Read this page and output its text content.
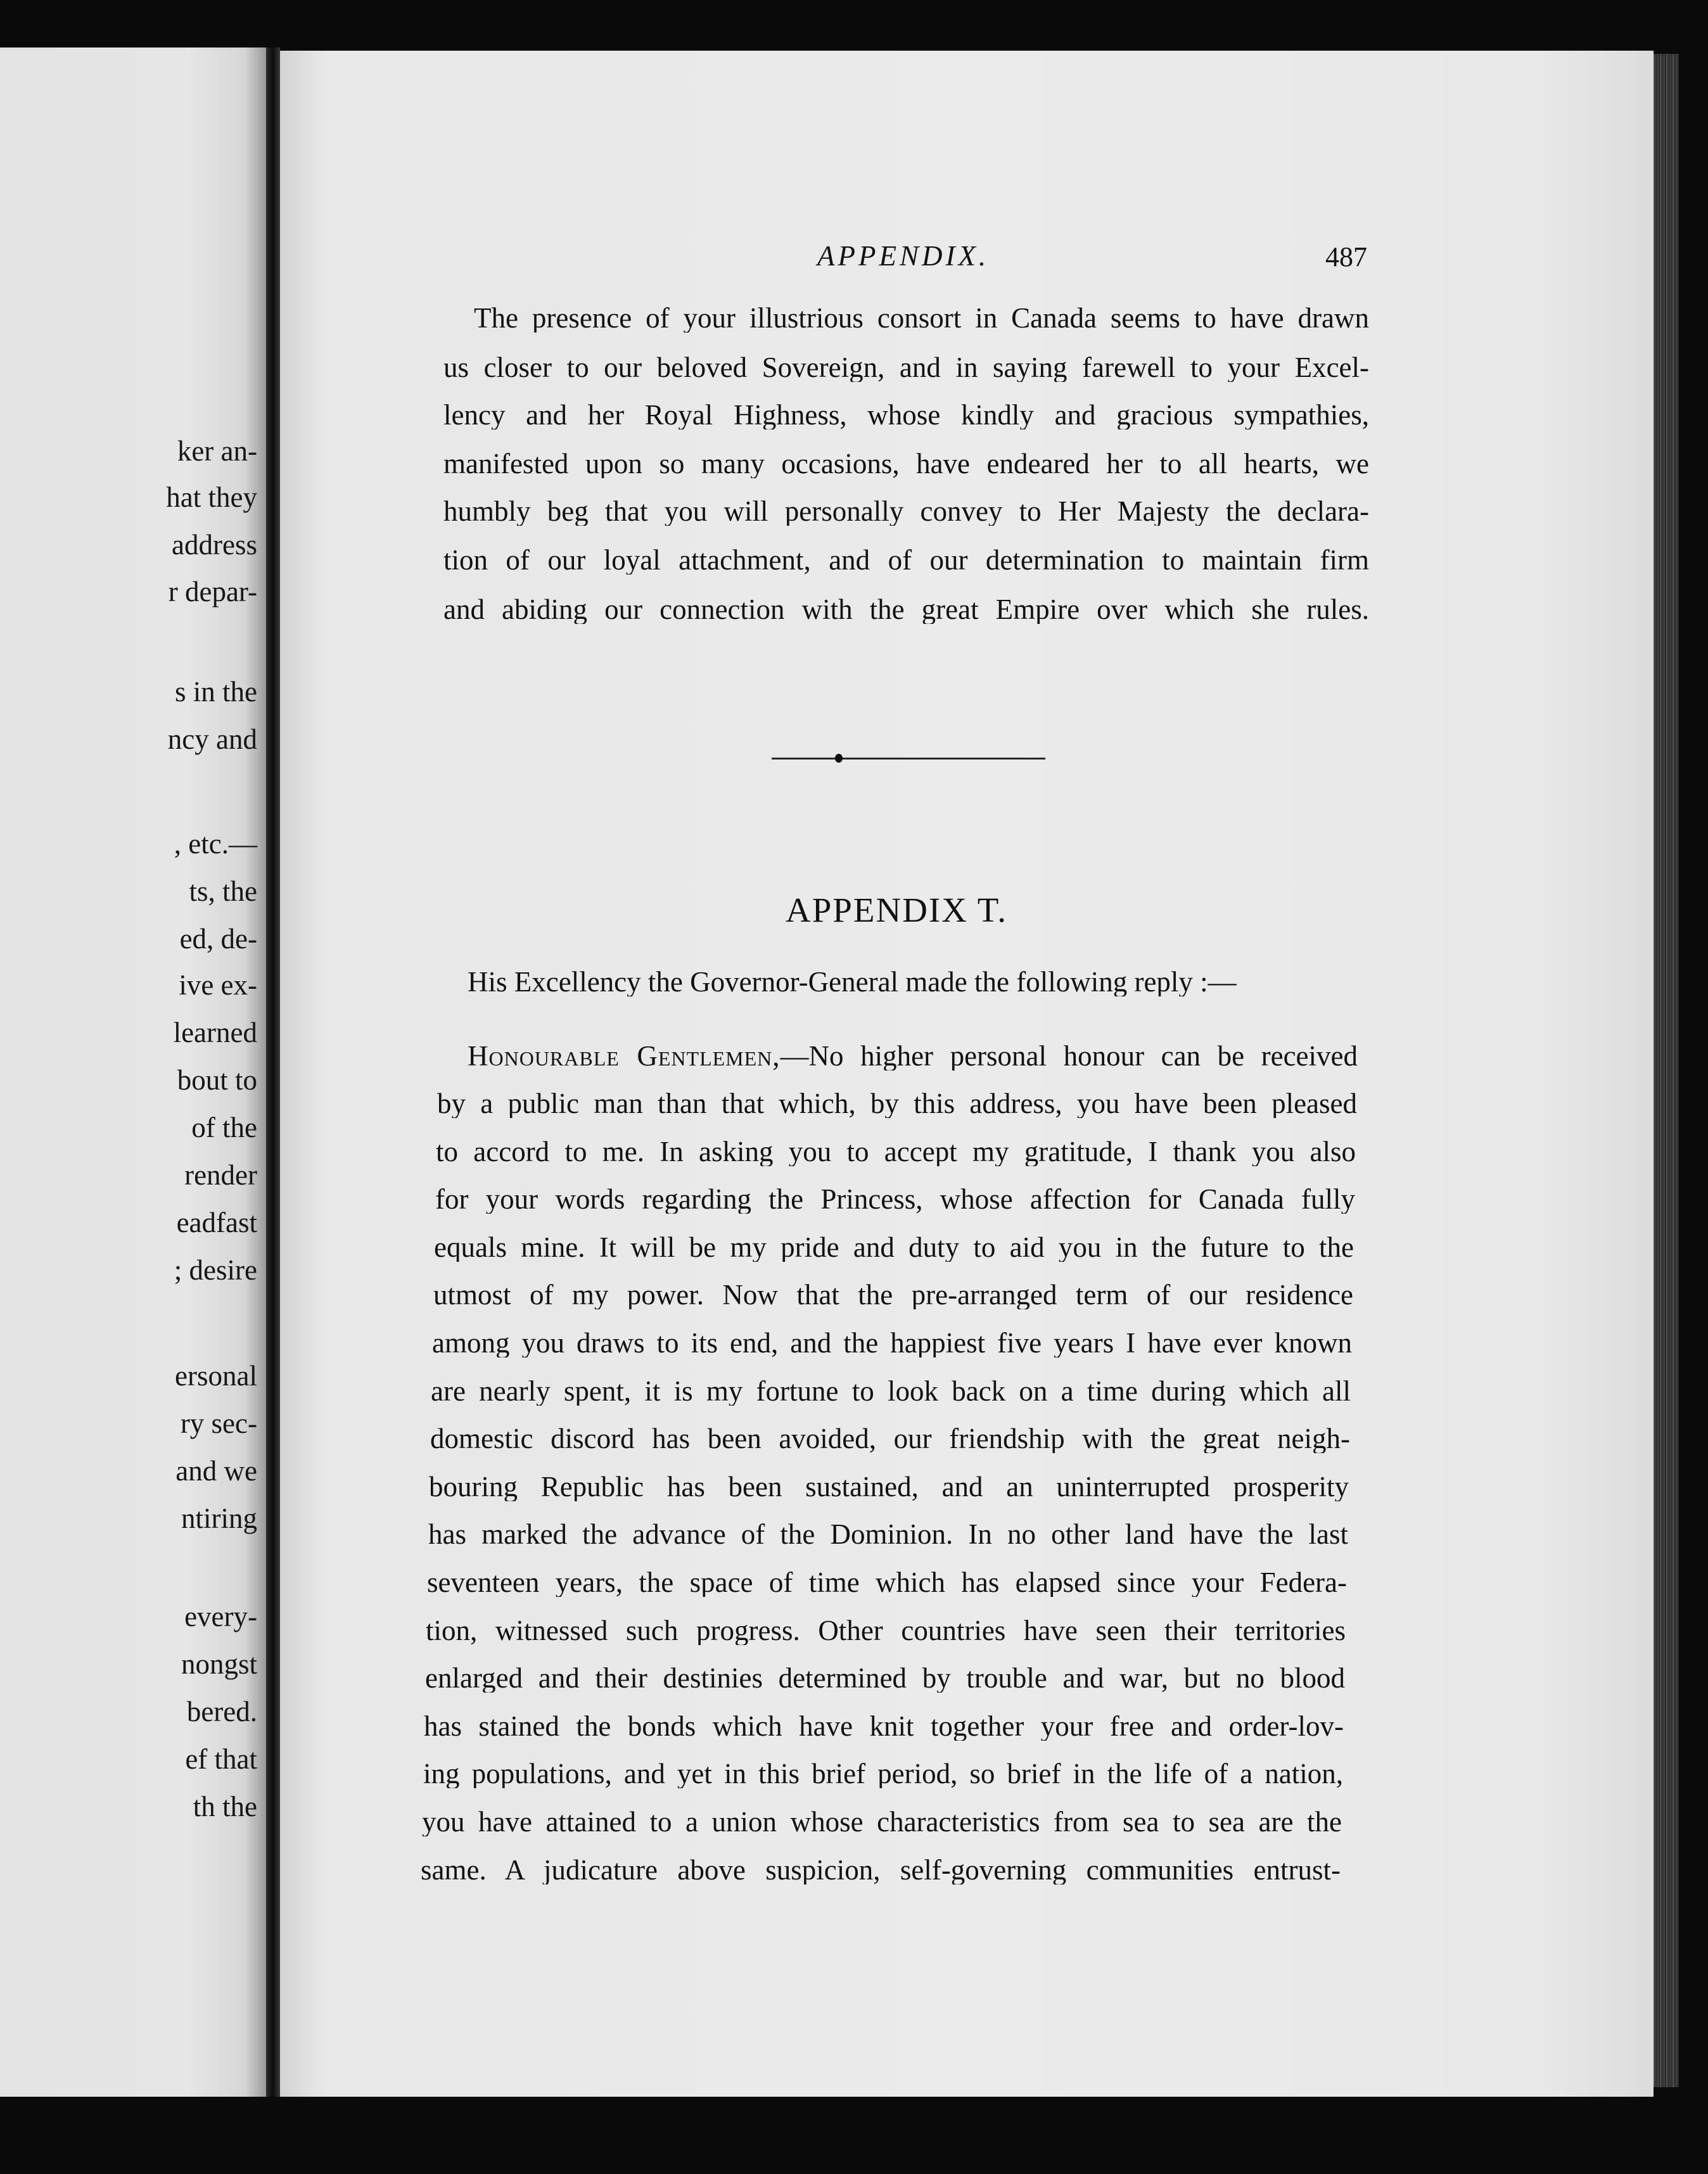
ker an-
hat they
address
r depar-
s in the
ncy and
, etc.—
ts, the
ed, de-
ive ex-
learned
bout to
of the
render
eadfast
; desire
ersonal
ry sec-
and we
ntiring
every-
nongst
bered.
ef that
th the
APPENDIX.	487
The presence of your illustrious consort in Canada seems to have drawn
us closer to our beloved Sovereign, and in saying farewell to your Excel-
lency and her Royal Highness, whose kindly and gracious sympathies,
manifested upon so many occasions, have endeared her to all hearts, we
humbly beg that you will personally convey to Her Majesty the declara-
tion of our loyal attachment, and of our determination to maintain firm
and abiding our connection with the great Empire over which she rules.
APPENDIX T.
His Excellency the Governor-General made the following reply :—
Honourable Gentlemen,—No higher personal honour can be received
by a public man than that which, by this address, you have been pleased
to accord to me. In asking you to accept my gratitude, I thank you also
for your words regarding the Princess, whose affection for Canada fully
equals mine. It will be my pride and duty to aid you in the future to the
utmost of my power. Now that the pre-arranged term of our residence
among you draws to its end, and the happiest five years I have ever known
are nearly spent, it is my fortune to look back on a time during which all
domestic discord has been avoided, our friendship with the great neigh-
bouring Republic has been sustained, and an uninterrupted prosperity
has marked the advance of the Dominion. In no other land have the last
seventeen years, the space of time which has elapsed since your Federa-
tion, witnessed such progress. Other countries have seen their territories
enlarged and their destinies determined by trouble and war, but no blood
has stained the bonds which have knit together your free and order-lov-
ing populations, and yet in this brief period, so brief in the life of a nation,
you have attained to a union whose characteristics from sea to sea are the
same. A judicature above suspicion, self-governing communities entrust-
